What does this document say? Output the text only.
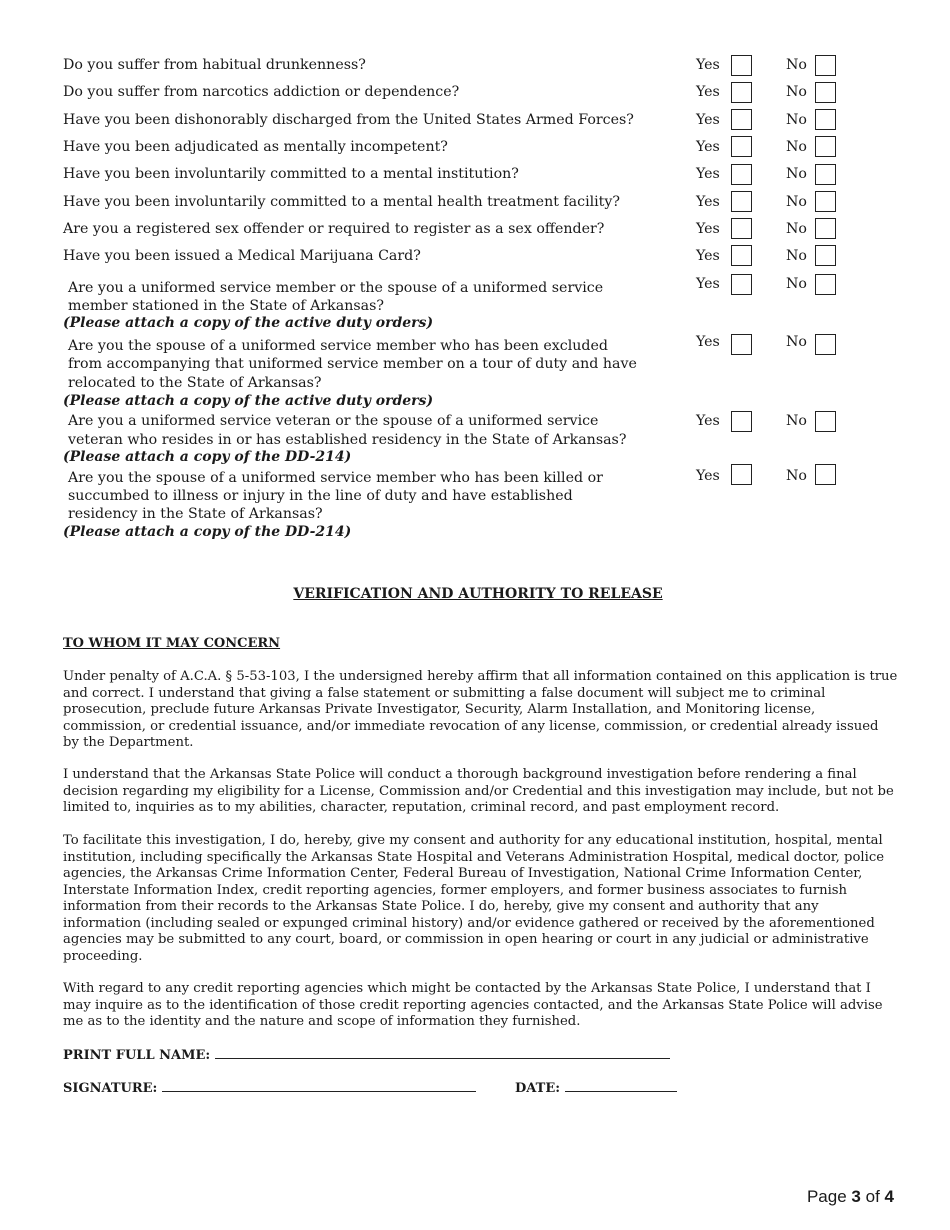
Do you suffer from habitual drunkenness?	Yes	No
Do you suffer from narcotics addiction or dependence?	Yes	No
Have you been dishonorably discharged from the United States Armed Forces?	Yes	No
Have you been adjudicated as mentally incompetent?	Yes	No
Have you been involuntarily committed to a mental institution?	Yes	No
Have you been involuntarily committed to a mental health treatment facility?	Yes	No
Are you a registered sex offender or required to register as a sex offender?	Yes	No
Have you been issued a Medical Marijuana Card?	Yes	No
Are you a uniformed service member or the spouse of a uniformed service
member stationed in the State of Arkansas?
(Please attach a copy of the active duty orders)
Yes	No
Are you the spouse of a uniformed service member who has been excluded
from accompanying that uniformed service member on a tour of duty and have
relocated to the State of Arkansas?
(Please attach a copy of the active duty orders)
Yes	No
Are you a uniformed service veteran or the spouse of a uniformed service
veteran who resides in or has established residency in the State of Arkansas?
(Please attach a copy of the DD-214)
Yes	No
Are you the spouse of a uniformed service member who has been killed or
succumbed to illness or injury in the line of duty and have established
residency in the State of Arkansas?
(Please attach a copy of the DD-214)
Yes	No
VERIFICATION AND AUTHORITY TO RELEASE
TO WHOM IT MAY CONCERN

Under penalty of A.C.A. § 5-53-103, I the undersigned hereby affirm that all information contained on this application is true and correct. I understand that giving a false statement or submitting a false document will subject me to criminal prosecution, preclude future Arkansas Private Investigator, Security, Alarm Installation, and Monitoring license, commission, or credential issuance, and/or immediate revocation of any license, commission, or credential already issued by the Department.

I understand that the Arkansas State Police will conduct a thorough background investigation before rendering a final decision regarding my eligibility for a License, Commission and/or Credential and this investigation may include, but not be limited to, inquiries as to my abilities, character, reputation, criminal record, and past employment record.

To facilitate this investigation, I do, hereby, give my consent and authority for any educational institution, hospital, mental institution, including specifically the Arkansas State Hospital and Veterans Administration Hospital, medical doctor, police agencies, the Arkansas Crime Information Center, Federal Bureau of Investigation, National Crime Information Center, Interstate Information Index, credit reporting agencies, former employers, and former business associates to furnish information from their records to the Arkansas State Police. I do, hereby, give my consent and authority that any information (including sealed or expunged criminal history) and/or evidence gathered or received by the aforementioned agencies may be submitted to any court, board, or commission in open hearing or court in any judicial or administrative proceeding.

With regard to any credit reporting agencies which might be contacted by the Arkansas State Police, I understand that I may inquire as to the identification of those credit reporting agencies contacted, and the Arkansas State Police will advise me as to the identity and the nature and scope of information they furnished.

PRINT FULL NAME:
SIGNATURE:	DATE:
Page 3 of 4
